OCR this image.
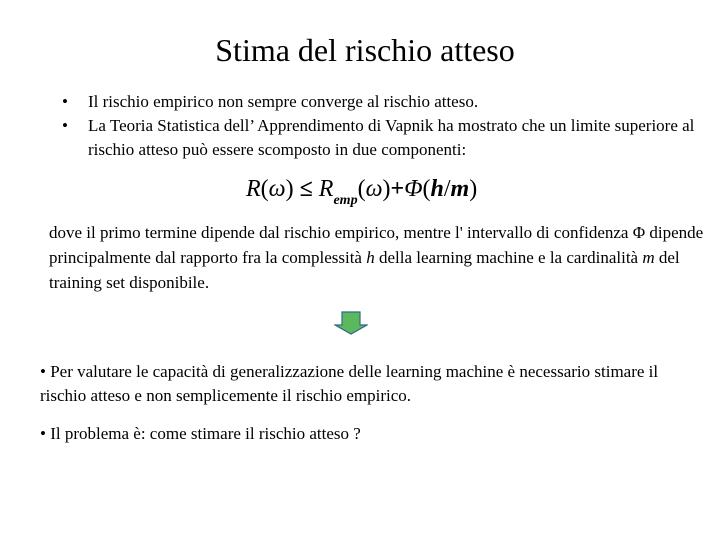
Stima del rischio atteso
•	Il rischio empirico non sempre converge al rischio atteso.
•	La Teoria Statistica dell’ Apprendimento di Vapnik ha mostrato che un limite superiore al rischio atteso può essere scomposto in due componenti:
$R(\omega) \le R_{emp}(\omega)+\Phi(h/m)$
dove il primo termine dipende dal rischio empirico, mentre l' intervallo di confidenza Φ dipende principalmente dal rapporto fra la complessità h della learning machine e la cardinalità m del training set disponibile.
• Per valutare le capacità di generalizzazione delle learning machine è necessario stimare il rischio atteso e non semplicemente il rischio empirico.
• Il problema è: come stimare il rischio atteso ?
